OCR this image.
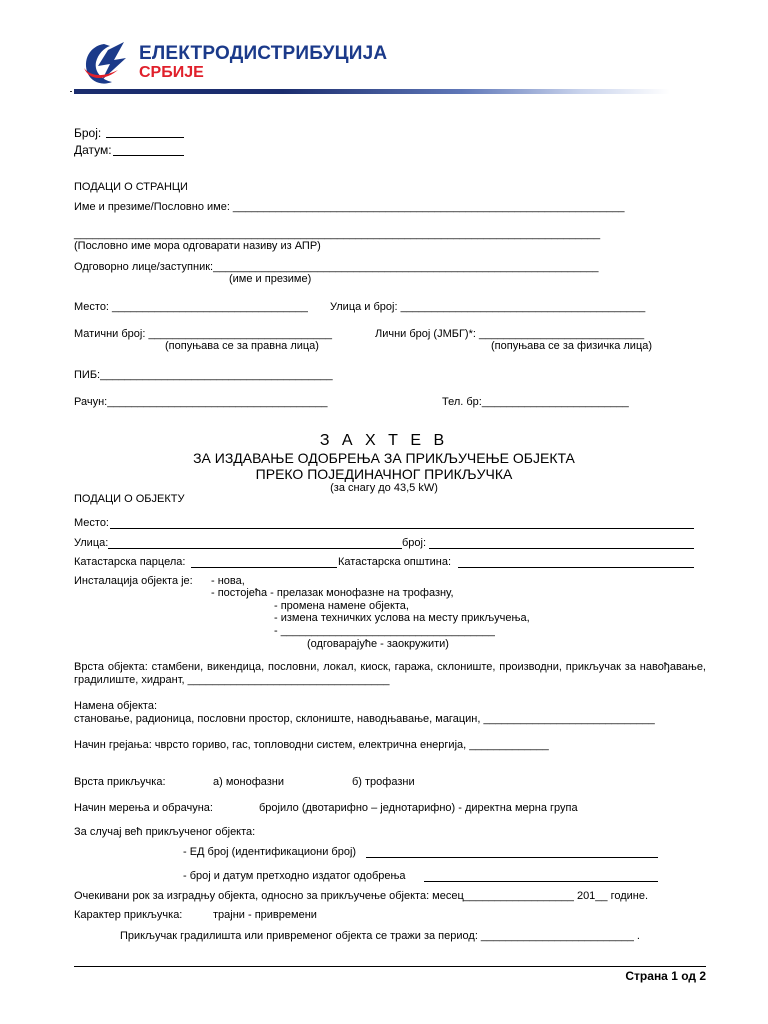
ЕЛЕКТРОДИСТРИБУЦИЈА
СРБИЈЕ
Број:
Датум:
ПОДАЦИ О СТРАНЦИ
Име и презиме/Пословно име: ________________________________________________________________
______________________________________________________________________________________
(Пословно име мора одговарати називу из АПР)
Одговорно лице/заступник:_______________________________________________________________
(име и презиме)
Место: ________________________________ Улица и број: ________________________________________
Матични број: ______________________________
(попуњава се за правна лица)
Лични број (ЈМБГ)*: ___________________________
(попуњава се за физичка лица)
ПИБ:______________________________________
Рачун:____________________________________	Тел. бр:________________________
З А Х Т Е В
ЗА ИЗДАВАЊЕ ОДОБРЕЊА ЗА ПРИКЉУЧЕЊЕ ОБЈЕКТА
ПРЕКО ПОЈЕДИНАЧНОГ ПРИКЉУЧКА
(за снагу до 43,5 kW)
ПОДАЦИ О ОБЈЕКТУ
Место:
Улица:	број:
Катастарска парцела:	Катастарска општина:
Инсталација објекта је: - нова,
- постојећа - прелазак монофазне на трофазну,
- промена намене објекта,
- измена техничких услова на месту прикључења,
- ___________________________________
(одговарајуће - заокружити)
Врста објекта: стамбени, викендица, пословни, локал, киоск, гаража, склониште, производни, прикључак за навођавање, градилиште, хидрант, _________________________________
Намена објекта:
становање, радионица, пословни простор, склониште, наводњавање, магацин, ____________________________
Начин грејања: чврсто гориво, гас, топловодни систем, електрична енергија, _____________
Врста прикључка:	а) монофазни	б) трофазни
Начин мерења и обрачуна:	бројило (двотарифно – једнотарифно) - директна мерна група
За случај већ прикљученог објекта:
- ЕД број (идентификациони број)
- број и датум претходно издатог одобрења
Очекивани рок за изградњу објекта, односно за прикључење објекта: месец__________________ 201__ године.
Карактер прикључка:	трајни - привремени
Прикључак градилишта или привременог објекта се тражи за период: _________________________ .
Страна 1 од 2
